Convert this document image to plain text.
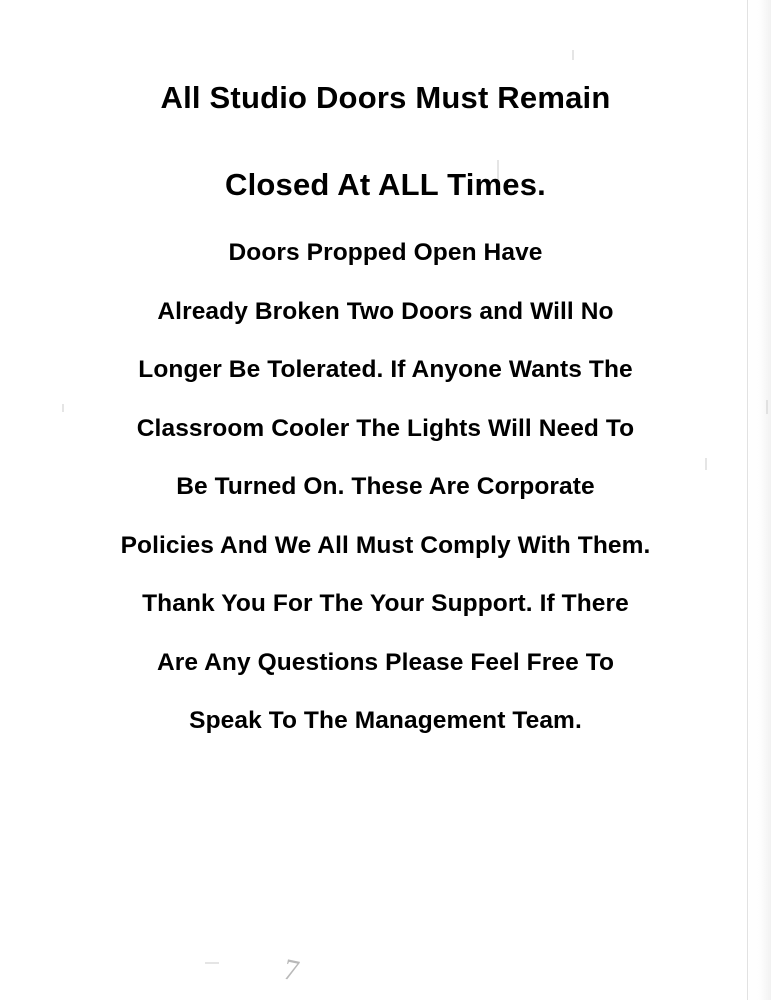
All Studio Doors Must Remain
Closed At ALL Times.
Doors Propped Open Have
Already Broken Two Doors and Will No
Longer Be Tolerated. If Anyone Wants The
Classroom Cooler The Lights Will Need To
Be Turned On. These Are Corporate
Policies And We All Must Comply With Them.
Thank You For The Your Support. If There
Are Any Questions Please Feel Free To
Speak To The Management Team.
7
